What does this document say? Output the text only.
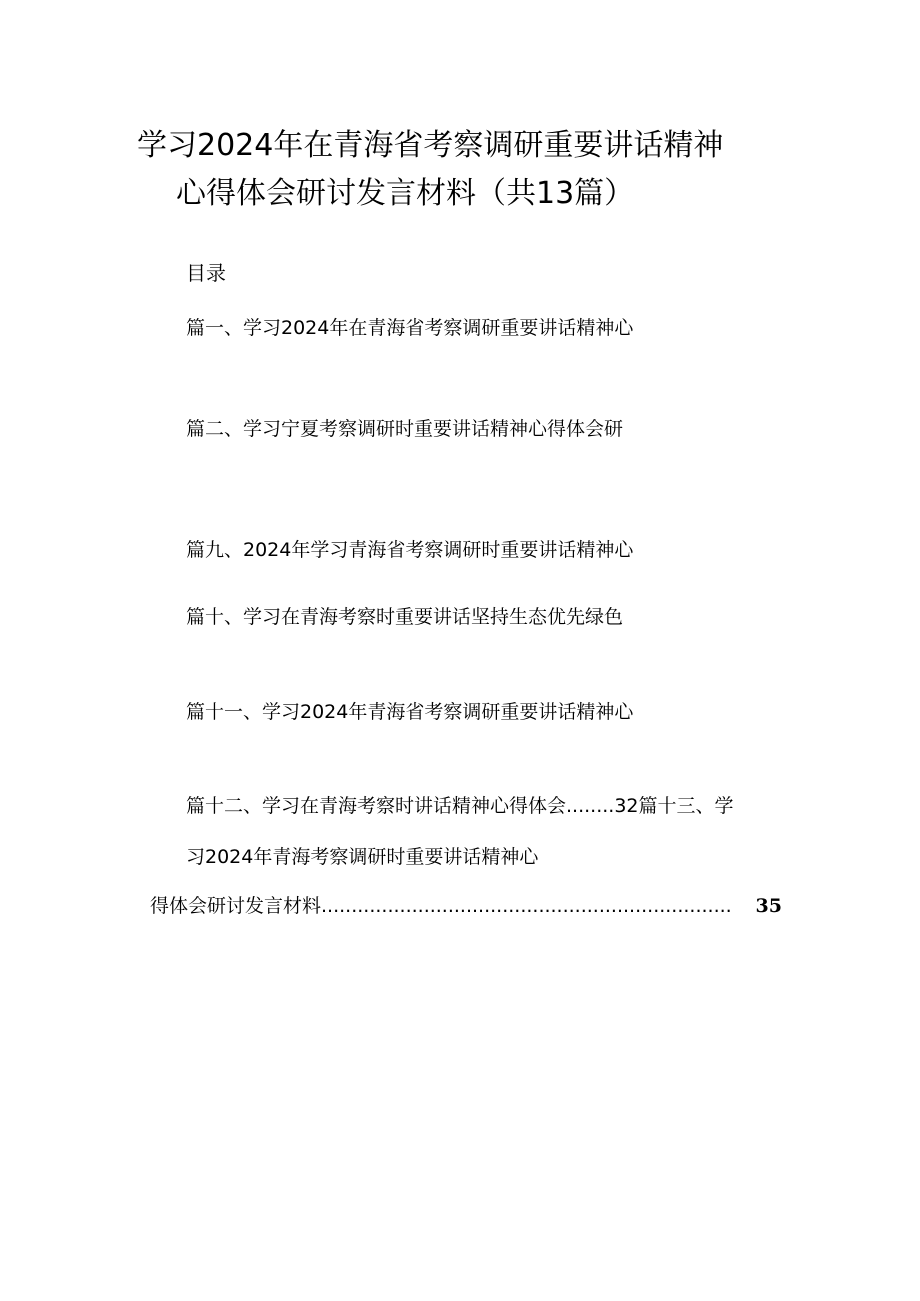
学习2024年在青海省考察调研重要讲话精神
心得体会研讨发言材料（共13篇）
目录
篇一、学习2024年在青海省考察调研重要讲话精神心
篇二、学习宁夏考察调研时重要讲话精神心得体会研
篇九、2024年学习青海省考察调研时重要讲话精神心
篇十、学习在青海考察时重要讲话坚持生态优先绿色
篇十一、学习2024年青海省考察调研重要讲话精神心
篇十二、学习在青海考察时讲话精神心得体会........32篇十三、学
习2024年青海考察调研时重要讲话精神心
得体会研讨发言材料 ....................................................................	35
